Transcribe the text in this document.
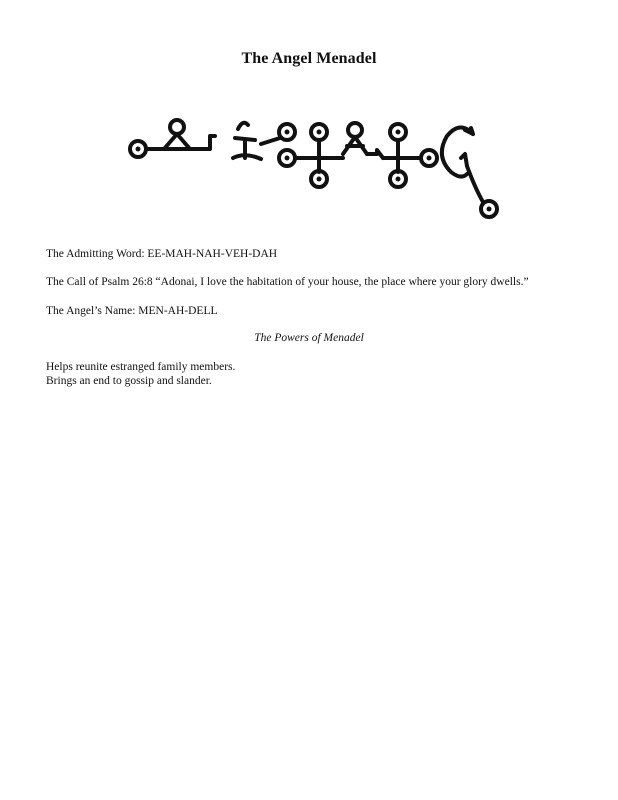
The Angel Menadel
The Admitting Word: EE-MAH-NAH-VEH-DAH
The Call of Psalm 26:8 “Adonai, I love the habitation of your house, the place where your glory dwells.”
The Angel’s Name: MEN-AH-DELL
The Powers of Menadel
Helps reunite estranged family members.
Brings an end to gossip and slander.
